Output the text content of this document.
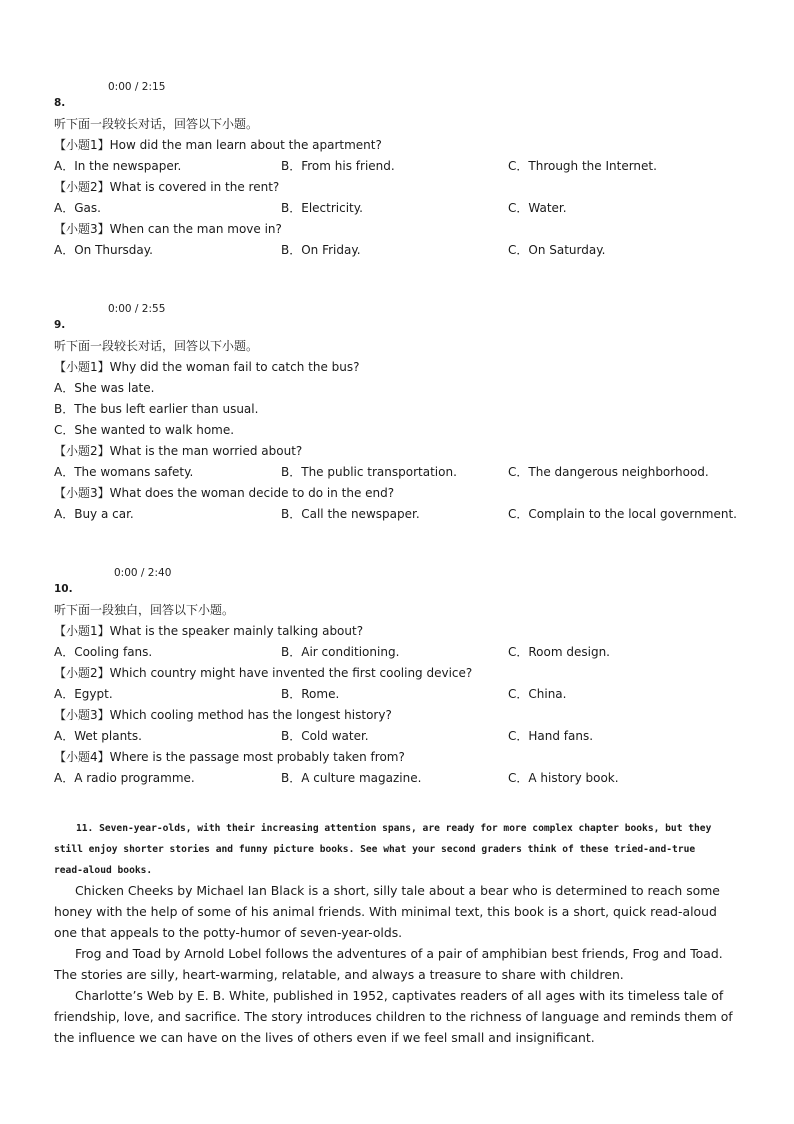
0:00 / 2:15
8.
听下面一段较长对话，回答以下小题。
【小题1】How did the man learn about the apartment?
A．In the newspaper.	B．From his friend.	C．Through the Internet.
【小题2】What is covered in the rent?
A．Gas.	B．Electricity.	C．Water.
【小题3】When can the man move in?
A．On Thursday.	B．On Friday.	C．On Saturday.
0:00 / 2:55
9.
听下面一段较长对话，回答以下小题。
【小题1】Why did the woman fail to catch the bus?
A．She was late.
B．The bus left earlier than usual.
C．She wanted to walk home.
【小题2】What is the man worried about?
A．The womans safety.	B．The public transportation.	C．The dangerous neighborhood.
【小题3】What does the woman decide to do in the end?
A．Buy a car.	B．Call the newspaper.	C．Complain to the local government.
0:00 / 2:40
10.
听下面一段独白，回答以下小题。
【小题1】What is the speaker mainly talking about?
A．Cooling fans.	B．Air conditioning.	C．Room design.
【小题2】Which country might have invented the first cooling device?
A．Egypt.	B．Rome.	C．China.
【小题3】Which cooling method has the longest history?
A．Wet plants.	B．Cold water.	C．Hand fans.
【小题4】Where is the passage most probably taken from?
A．A radio programme.	B．A culture magazine.	C．A history book.
11. Seven-year-olds, with their increasing attention spans, are ready for more complex chapter books, but they
still enjoy shorter stories and funny picture books. See what your second graders think of these tried-and-true
read-aloud books.
Chicken Cheeks by Michael Ian Black is a short, silly tale about a bear who is determined to reach some honey with the help of some of his animal friends. With minimal text, this book is a short, quick read-aloud one that appeals to the potty-humor of seven-year-olds.
Frog and Toad by Arnold Lobel follows the adventures of a pair of amphibian best friends, Frog and Toad. The stories are silly, heart-warming, relatable, and always a treasure to share with children.
Charlotte’s Web by E. B. White, published in 1952, captivates readers of all ages with its timeless tale of friendship, love, and sacrifice. The story introduces children to the richness of language and reminds them of the influence we can have on the lives of others even if we feel small and insignificant.
